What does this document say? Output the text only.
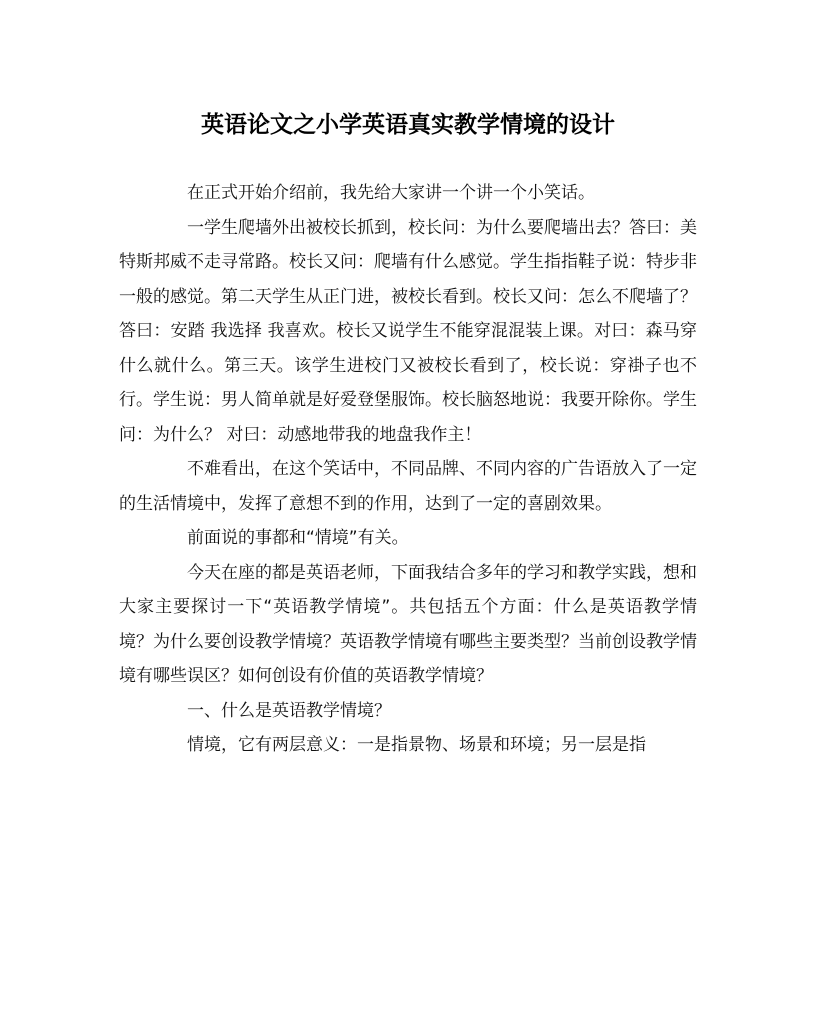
英语论文之小学英语真实教学情境的设计

在正式开始介绍前，我先给大家讲一个讲一个小笑话。

一学生爬墙外出被校长抓到，校长问：为什么要爬墙出去？答曰：美特斯邦威不走寻常路。校长又问：爬墙有什么感觉。学生指指鞋子说：特步非一般的感觉。第二天学生从正门进，被校长看到。校长又问：怎么不爬墙了？答曰：安踏 我选择 我喜欢。校长又说学生不能穿混混装上课。对曰：森马穿什么就什么。第三天。该学生进校门又被校长看到了，校长说：穿褂子也不行。学生说：男人简单就是好爱登堡服饰。校长脑怒地说：我要开除你。学生问：为什么？ 对曰：动感地带我的地盘我作主！

不难看出，在这个笑话中，不同品牌、不同内容的广告语放入了一定的生活情境中，发挥了意想不到的作用，达到了一定的喜剧效果。

前面说的事都和“情境”有关。

今天在座的都是英语老师，下面我结合多年的学习和教学实践，想和大家主要探讨一下“英语教学情境”。共包括五个方面：什么是英语教学情境？为什么要创设教学情境？英语教学情境有哪些主要类型？当前创设教学情境有哪些误区？如何创设有价值的英语教学情境？

一、什么是英语教学情境？

情境，它有两层意义：一是指景物、场景和环境；另一层是指
